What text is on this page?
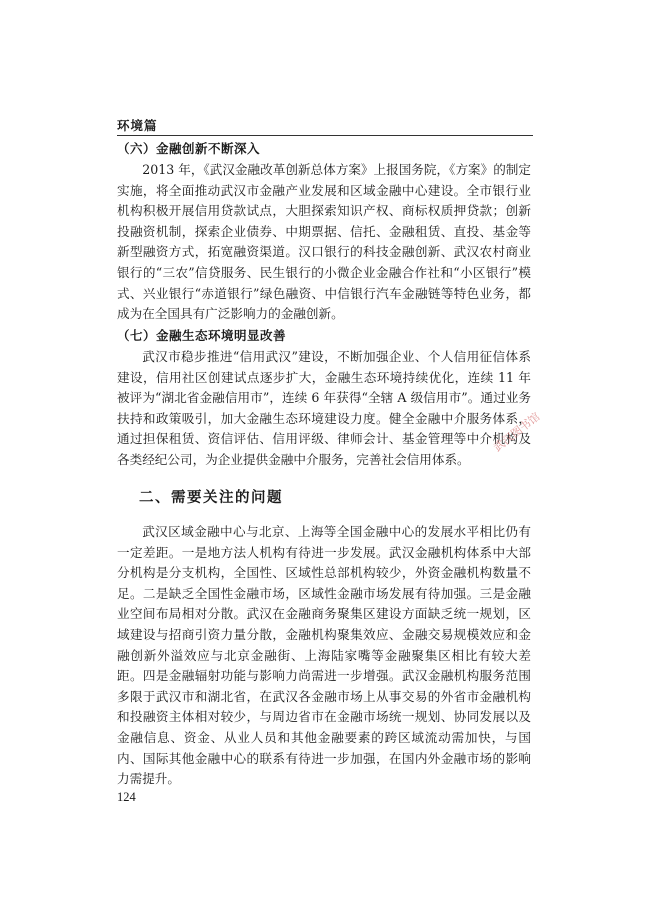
环境篇
（六）金融创新不断深入

2013 年，《武汉金融改革创新总体方案》上报国务院，《方案》的制定实施，将全面推动武汉市金融产业发展和区域金融中心建设。全市银行业机构积极开展信用贷款试点，大胆探索知识产权、商标权质押贷款；创新投融资机制，探索企业债券、中期票据、信托、金融租赁、直投、基金等新型融资方式，拓宽融资渠道。汉口银行的科技金融创新、武汉农村商业银行的“三农”信贷服务、民生银行的小微企业金融合作社和“小区银行”模式、兴业银行“赤道银行”绿色融资、中信银行汽车金融链等特色业务，都成为在全国具有广泛影响力的金融创新。

（七）金融生态环境明显改善

武汉市稳步推进“信用武汉”建设，不断加强企业、个人信用征信体系建设，信用社区创建试点逐步扩大，金融生态环境持续优化，连续 11 年被评为“湖北省金融信用市”，连续 6 年获得“全辖 A 级信用市”。通过业务扶持和政策吸引，加大金融生态环境建设力度。健全金融中介服务体系，通过担保租赁、资信评估、信用评级、律师会计、基金管理等中介机构及各类经纪公司，为企业提供金融中介服务，完善社会信用体系。

二、需要关注的问题

武汉区域金融中心与北京、上海等全国金融中心的发展水平相比仍有一定差距。一是地方法人机构有待进一步发展。武汉金融机构体系中大部分机构是分支机构，全国性、区域性总部机构较少，外资金融机构数量不足。二是缺乏全国性金融市场，区域性金融市场发展有待加强。三是金融业空间布局相对分散。武汉在金融商务聚集区建设方面缺乏统一规划，区域建设与招商引资力量分散，金融机构聚集效应、金融交易规模效应和金融创新外溢效应与北京金融街、上海陆家嘴等金融聚集区相比有较大差距。四是金融辐射功能与影响力尚需进一步增强。武汉金融机构服务范围多限于武汉市和湖北省，在武汉各金融市场上从事交易的外省市金融机构和投融资主体相对较少，与周边省市在金融市场统一规划、协同发展以及金融信息、资金、从业人员和其他金融要素的跨区域流动需加快，与国内、国际其他金融中心的联系有待进一步加强，在国内外金融市场的影响力需提升。

124
武汉图书馆
